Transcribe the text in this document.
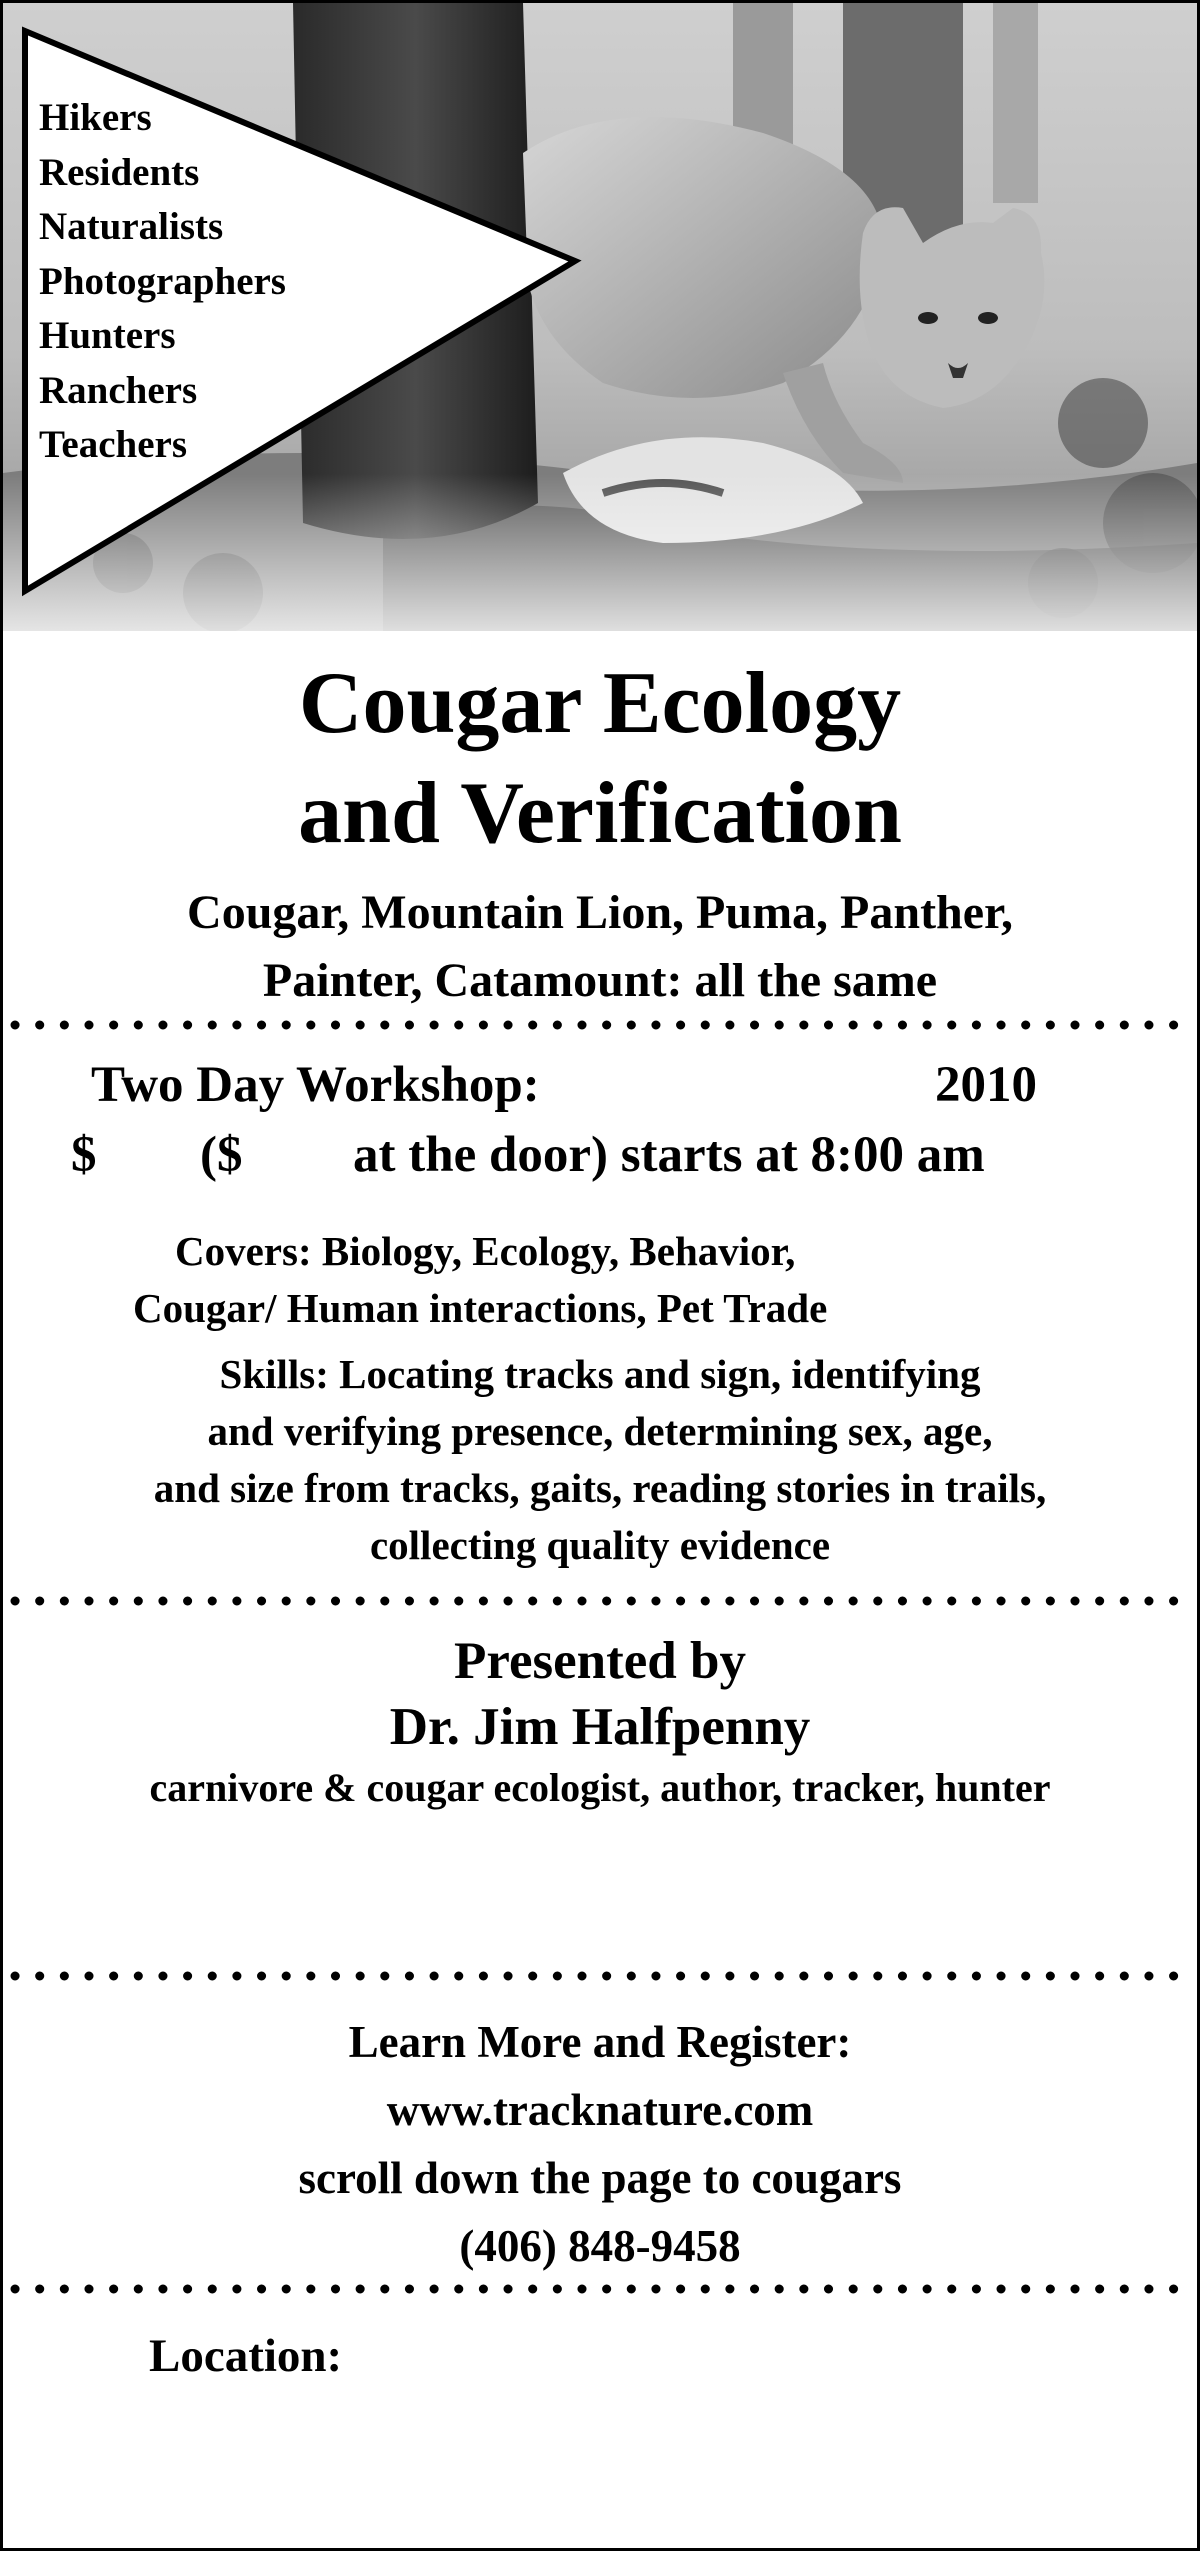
Hikers
Residents
Naturalists
Photographers
Hunters
Ranchers
Teachers

Cougar Ecology

and Verification

Cougar, Mountain Lion, Puma, Panther,

Painter, Catamount: all the same

Two Day Workshop:	2010
$ ($ at the door) starts at 8:00 am

Covers: Biology, Ecology, Behavior,

Cougar/ Human interactions, Pet Trade

Skills: Locating tracks and sign, identifying

and verifying presence, determining sex, age,

and size from tracks, gaits, reading stories in trails,

collecting quality evidence

Presented by

Dr. Jim Halfpenny

carnivore & cougar ecologist, author, tracker, hunter

Learn More and Register:

www.tracknature.com

scroll down the page to cougars

(406) 848-9458

Location:
